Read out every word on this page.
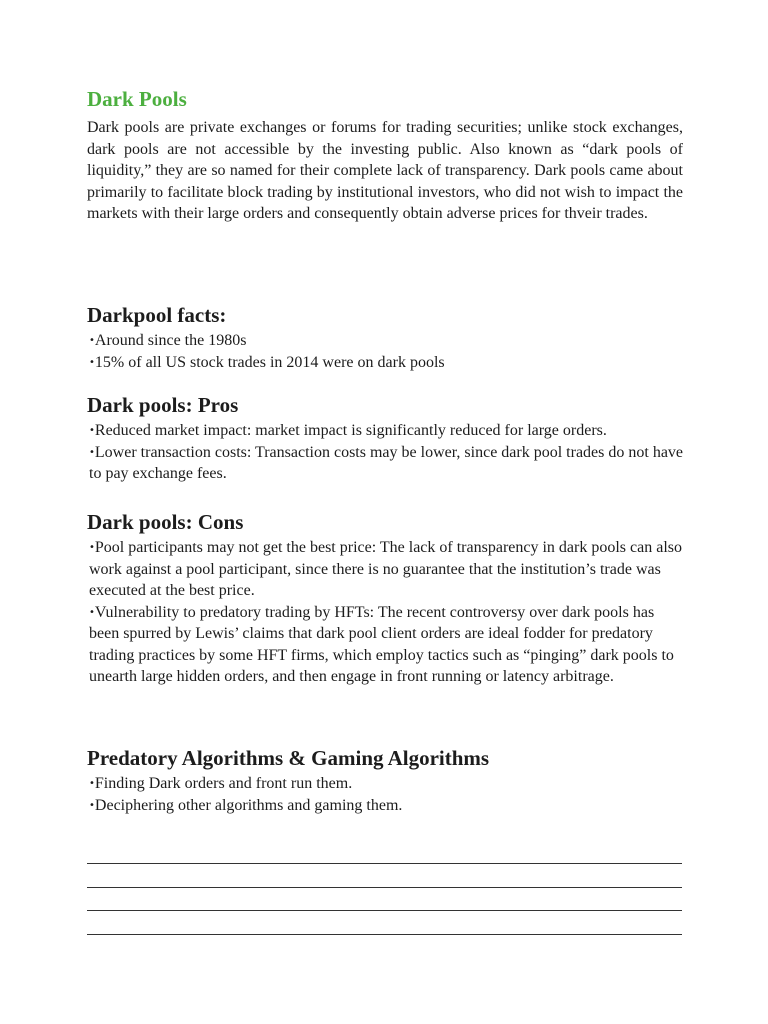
Dark Pools

Dark pools are private exchanges or forums for trading securities; unlike stock exchanges, dark pools are not accessible by the investing public. Also known as “dark pools of liquidity,” they are so named for their complete lack of transparency. Dark pools came about primarily to facilitate block trading by institutional investors, who did not wish to impact the markets with their large orders and consequently obtain adverse prices for thveir trades.

Darkpool facts:

•Around since the 1980s

•15% of all US stock trades in 2014 were on dark pools

Dark pools: Pros

•Reduced market impact: market impact is significantly reduced for large orders.

•Lower transaction costs: Transaction costs may be lower, since dark pool trades do not have to pay exchange fees.

Dark pools: Cons

•Pool participants may not get the best price: The lack of transparency in dark pools can also work against a pool participant, since there is no guarantee that the institution’s trade was executed at the best price.

•Vulnerability to predatory trading by HFTs: The recent controversy over dark pools has been spurred by Lewis’ claims that dark pool client orders are ideal fodder for predatory trading practices by some HFT firms, which employ tactics such as “pinging” dark pools to unearth large hidden orders, and then engage in front running or latency arbitrage.

Predatory Algorithms & Gaming Algorithms

•Finding Dark orders and front run them.

•Deciphering other algorithms and gaming them.
